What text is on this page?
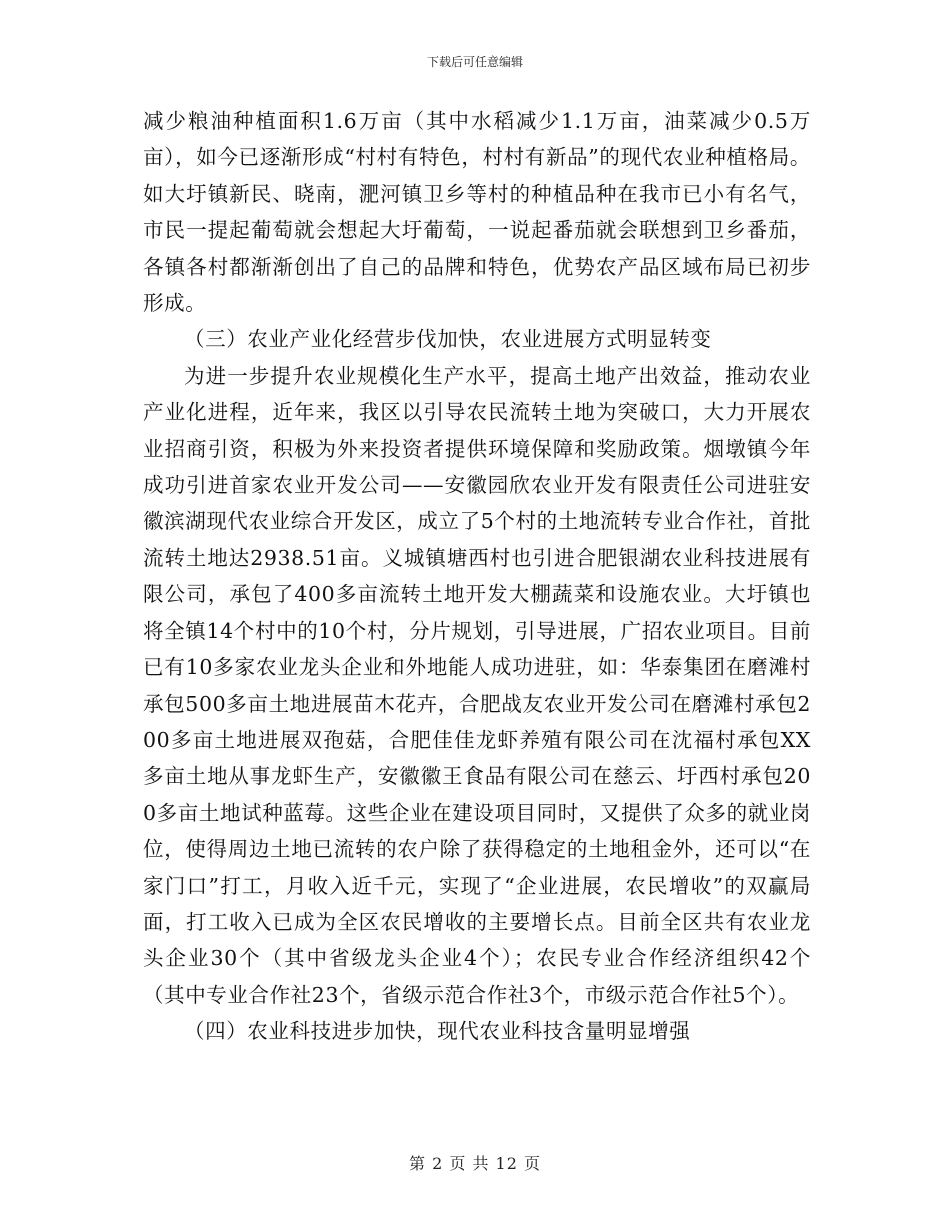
下载后可任意编辑

减少粮油种植面积1.6万亩（其中水稻减少1.1万亩，油菜减少0.5万亩），如今已逐渐形成“村村有特色，村村有新品”的现代农业种植格局。如大圩镇新民、晓南，淝河镇卫乡等村的种植品种在我市已小有名气，市民一提起葡萄就会想起大圩葡萄，一说起番茄就会联想到卫乡番茄，各镇各村都渐渐创出了自己的品牌和特色，优势农产品区域布局已初步形成。

（三）农业产业化经营步伐加快，农业进展方式明显转变

为进一步提升农业规模化生产水平，提高土地产出效益，推动农业产业化进程，近年来，我区以引导农民流转土地为突破口，大力开展农业招商引资，积极为外来投资者提供环境保障和奖励政策。烟墩镇今年成功引进首家农业开发公司——安徽园欣农业开发有限责任公司进驻安徽滨湖现代农业综合开发区，成立了5个村的土地流转专业合作社，首批流转土地达2938.51亩。义城镇塘西村也引进合肥银湖农业科技进展有限公司，承包了400多亩流转土地开发大棚蔬菜和设施农业。大圩镇也将全镇14个村中的10个村，分片规划，引导进展，广招农业项目。目前已有10多家农业龙头企业和外地能人成功进驻，如：华泰集团在磨滩村承包500多亩土地进展苗木花卉，合肥战友农业开发公司在磨滩村承包200多亩土地进展双孢菇，合肥佳佳龙虾养殖有限公司在沈福村承包XX多亩土地从事龙虾生产，安徽徽王食品有限公司在慈云、圩西村承包200多亩土地试种蓝莓。这些企业在建设项目同时，又提供了众多的就业岗位，使得周边土地已流转的农户除了获得稳定的土地租金外，还可以“在家门口”打工，月收入近千元，实现了“企业进展，农民增收”的双赢局面，打工收入已成为全区农民增收的主要增长点。目前全区共有农业龙头企业30个（其中省级龙头企业4个）；农民专业合作经济组织42个（其中专业合作社23个，省级示范合作社3个，市级示范合作社5个）。

（四）农业科技进步加快，现代农业科技含量明显增强

第 2 页 共 12 页
